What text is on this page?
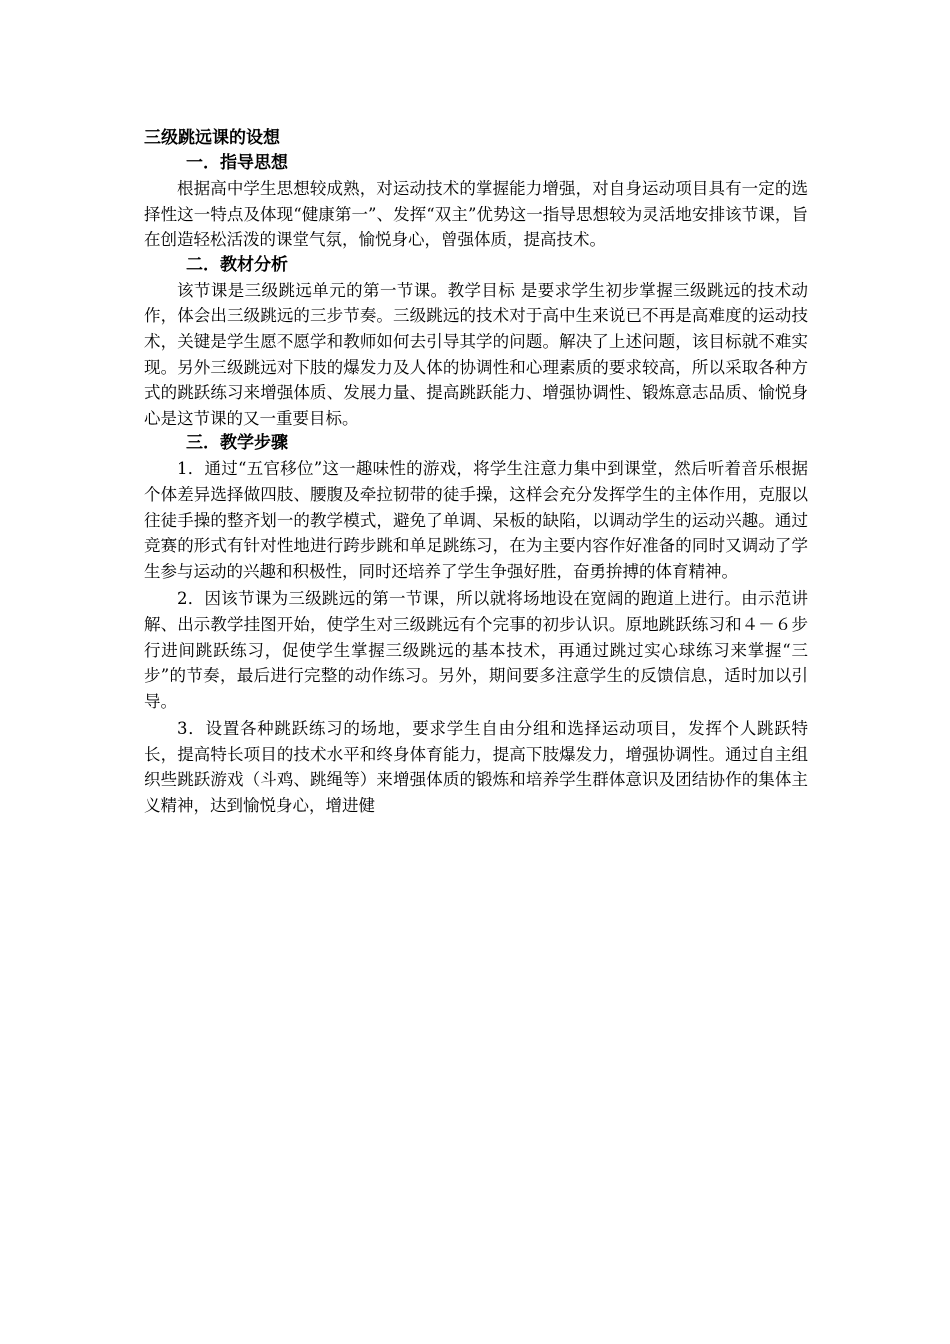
三级跳远课的设想

一．指导思想

根据高中学生思想较成熟，对运动技术的掌握能力增强，对自身运动项目具有一定的选择性这一特点及体现“健康第一”、发挥“双主”优势这一指导思想较为灵活地安排该节课，旨在创造轻松活泼的课堂气氛，愉悦身心，曾强体质，提高技术。

二．教材分析

该节课是三级跳远单元的第一节课。教学目标 是要求学生初步掌握三级跳远的技术动作，体会出三级跳远的三步节奏。三级跳远的技术对于高中生来说已不再是高难度的运动技术，关键是学生愿不愿学和教师如何去引导其学的问题。解决了上述问题，该目标就不难实现。另外三级跳远对下肢的爆发力及人体的协调性和心理素质的要求较高，所以采取各种方式的跳跃练习来增强体质、发展力量、提高跳跃能力、增强协调性、锻炼意志品质、愉悦身心是这节课的又一重要目标。

三．教学步骤

1．通过“五官移位”这一趣味性的游戏，将学生注意力集中到课堂，然后听着音乐根据个体差异选择做四肢、腰腹及牵拉韧带的徒手操，这样会充分发挥学生的主体作用，克服以往徒手操的整齐划一的教学模式，避免了单调、呆板的缺陷，以调动学生的运动兴趣。通过竞赛的形式有针对性地进行跨步跳和单足跳练习，在为主要内容作好准备的同时又调动了学生参与运动的兴趣和积极性，同时还培养了学生争强好胜，奋勇拚搏的体育精神。

2．因该节课为三级跳远的第一节课，所以就将场地设在宽阔的跑道上进行。由示范讲解、出示教学挂图开始，使学生对三级跳远有个完事的初步认识。原地跳跃练习和４－６步行进间跳跃练习，促使学生掌握三级跳远的基本技术，再通过跳过实心球练习来掌握“三步”的节奏，最后进行完整的动作练习。另外，期间要多注意学生的反馈信息，适时加以引导。

3．设置各种跳跃练习的场地，要求学生自由分组和选择运动项目，发挥个人跳跃特长，提高特长项目的技术水平和终身体育能力，提高下肢爆发力，增强协调性。通过自主组织些跳跃游戏（斗鸡、跳绳等）来增强体质的锻炼和培养学生群体意识及团结协作的集体主义精神，达到愉悦身心，增进健
